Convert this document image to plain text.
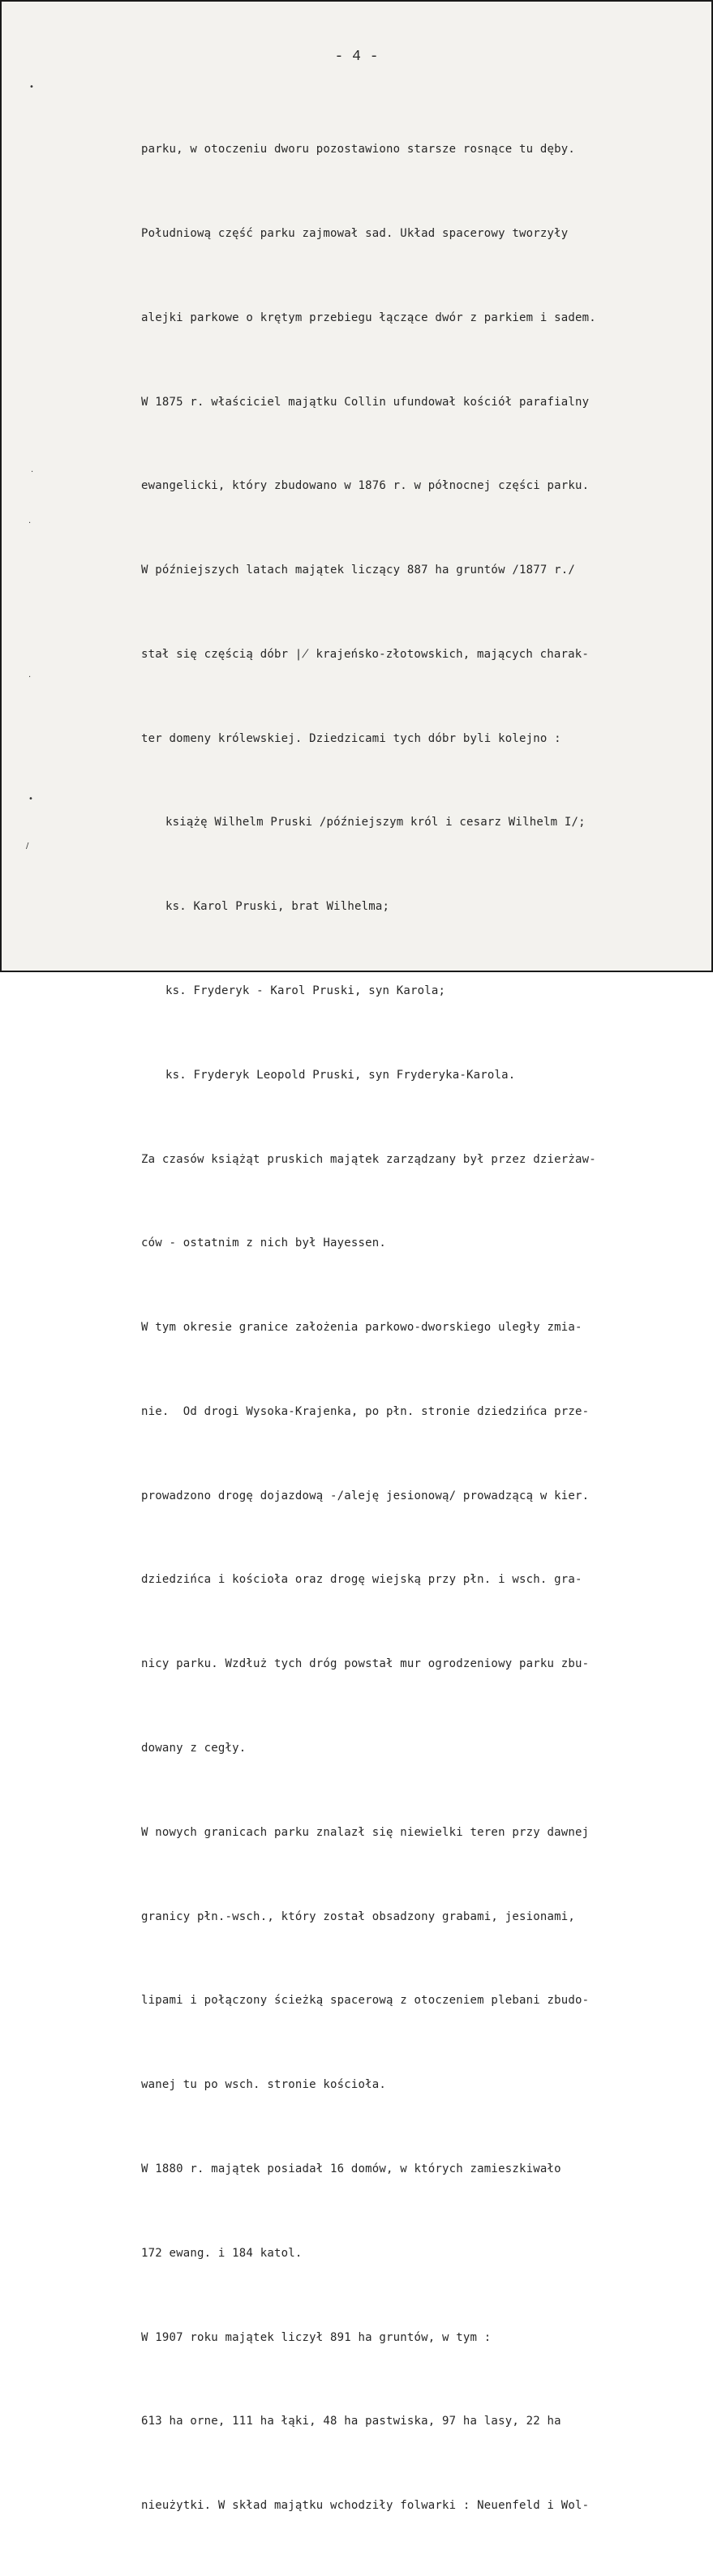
- 4 -
•
·
·
·
•
/

parku, w otoczeniu dworu pozostawiono starsze rosnące tu dęby.

Południową część parku zajmował sad. Układ spacerowy tworzyły

alejki parkowe o krętym przebiegu łączące dwór z parkiem i sadem.

W 1875 r. właściciel majątku Collin ufundował kościół parafialny

ewangelicki, który zbudowano w 1876 r. w północnej części parku.

W późniejszych latach majątek liczący 887 ha gruntów /1877 r./

stał się częścią dóbr ∤ krajeńsko-złotowskich, mających charak-

ter domeny królewskiej. Dziedzicami tych dóbr byli kolejno :

książę Wilhelm Pruski /późniejszym król i cesarz Wilhelm I/;

ks. Karol Pruski, brat Wilhelma;

ks. Fryderyk - Karol Pruski, syn Karola;

ks. Fryderyk Leopold Pruski, syn Fryderyka-Karola.

Za czasów książąt pruskich majątek zarządzany był przez dzierżaw-

ców - ostatnim z nich był Hayessen.

W tym okresie granice założenia parkowo-dworskiego uległy zmia-

nie.  Od drogi Wysoka-Krajenka, po płn. stronie dziedzińca prze-

prowadzono drogę dojazdową -/aleję jesionową/ prowadzącą w kier.

dziedzińca i kościoła oraz drogę wiejską przy płn. i wsch. gra-

nicy parku. Wzdłuż tych dróg powstał mur ogrodzeniowy parku zbu-

dowany z cegły.

W nowych granicach parku znalazł się niewielki teren przy dawnej

granicy płn.-wsch., który został obsadzony grabami, jesionami,

lipami i połączony ścieżką spacerową z otoczeniem plebani zbudo-

wanej tu po wsch. stronie kościoła.

W 1880 r. majątek posiadał 16 domów, w których zamieszkiwało

172 ewang. i 184 katol.

W 1907 roku majątek liczył 891 ha gruntów, w tym :

613 ha orne, 111 ha łąki, 48 ha pastwiska, 97 ha lasy, 22 ha

nieużytki. W skład majątku wchodziły folwarki : Neuenfeld i Wol-
